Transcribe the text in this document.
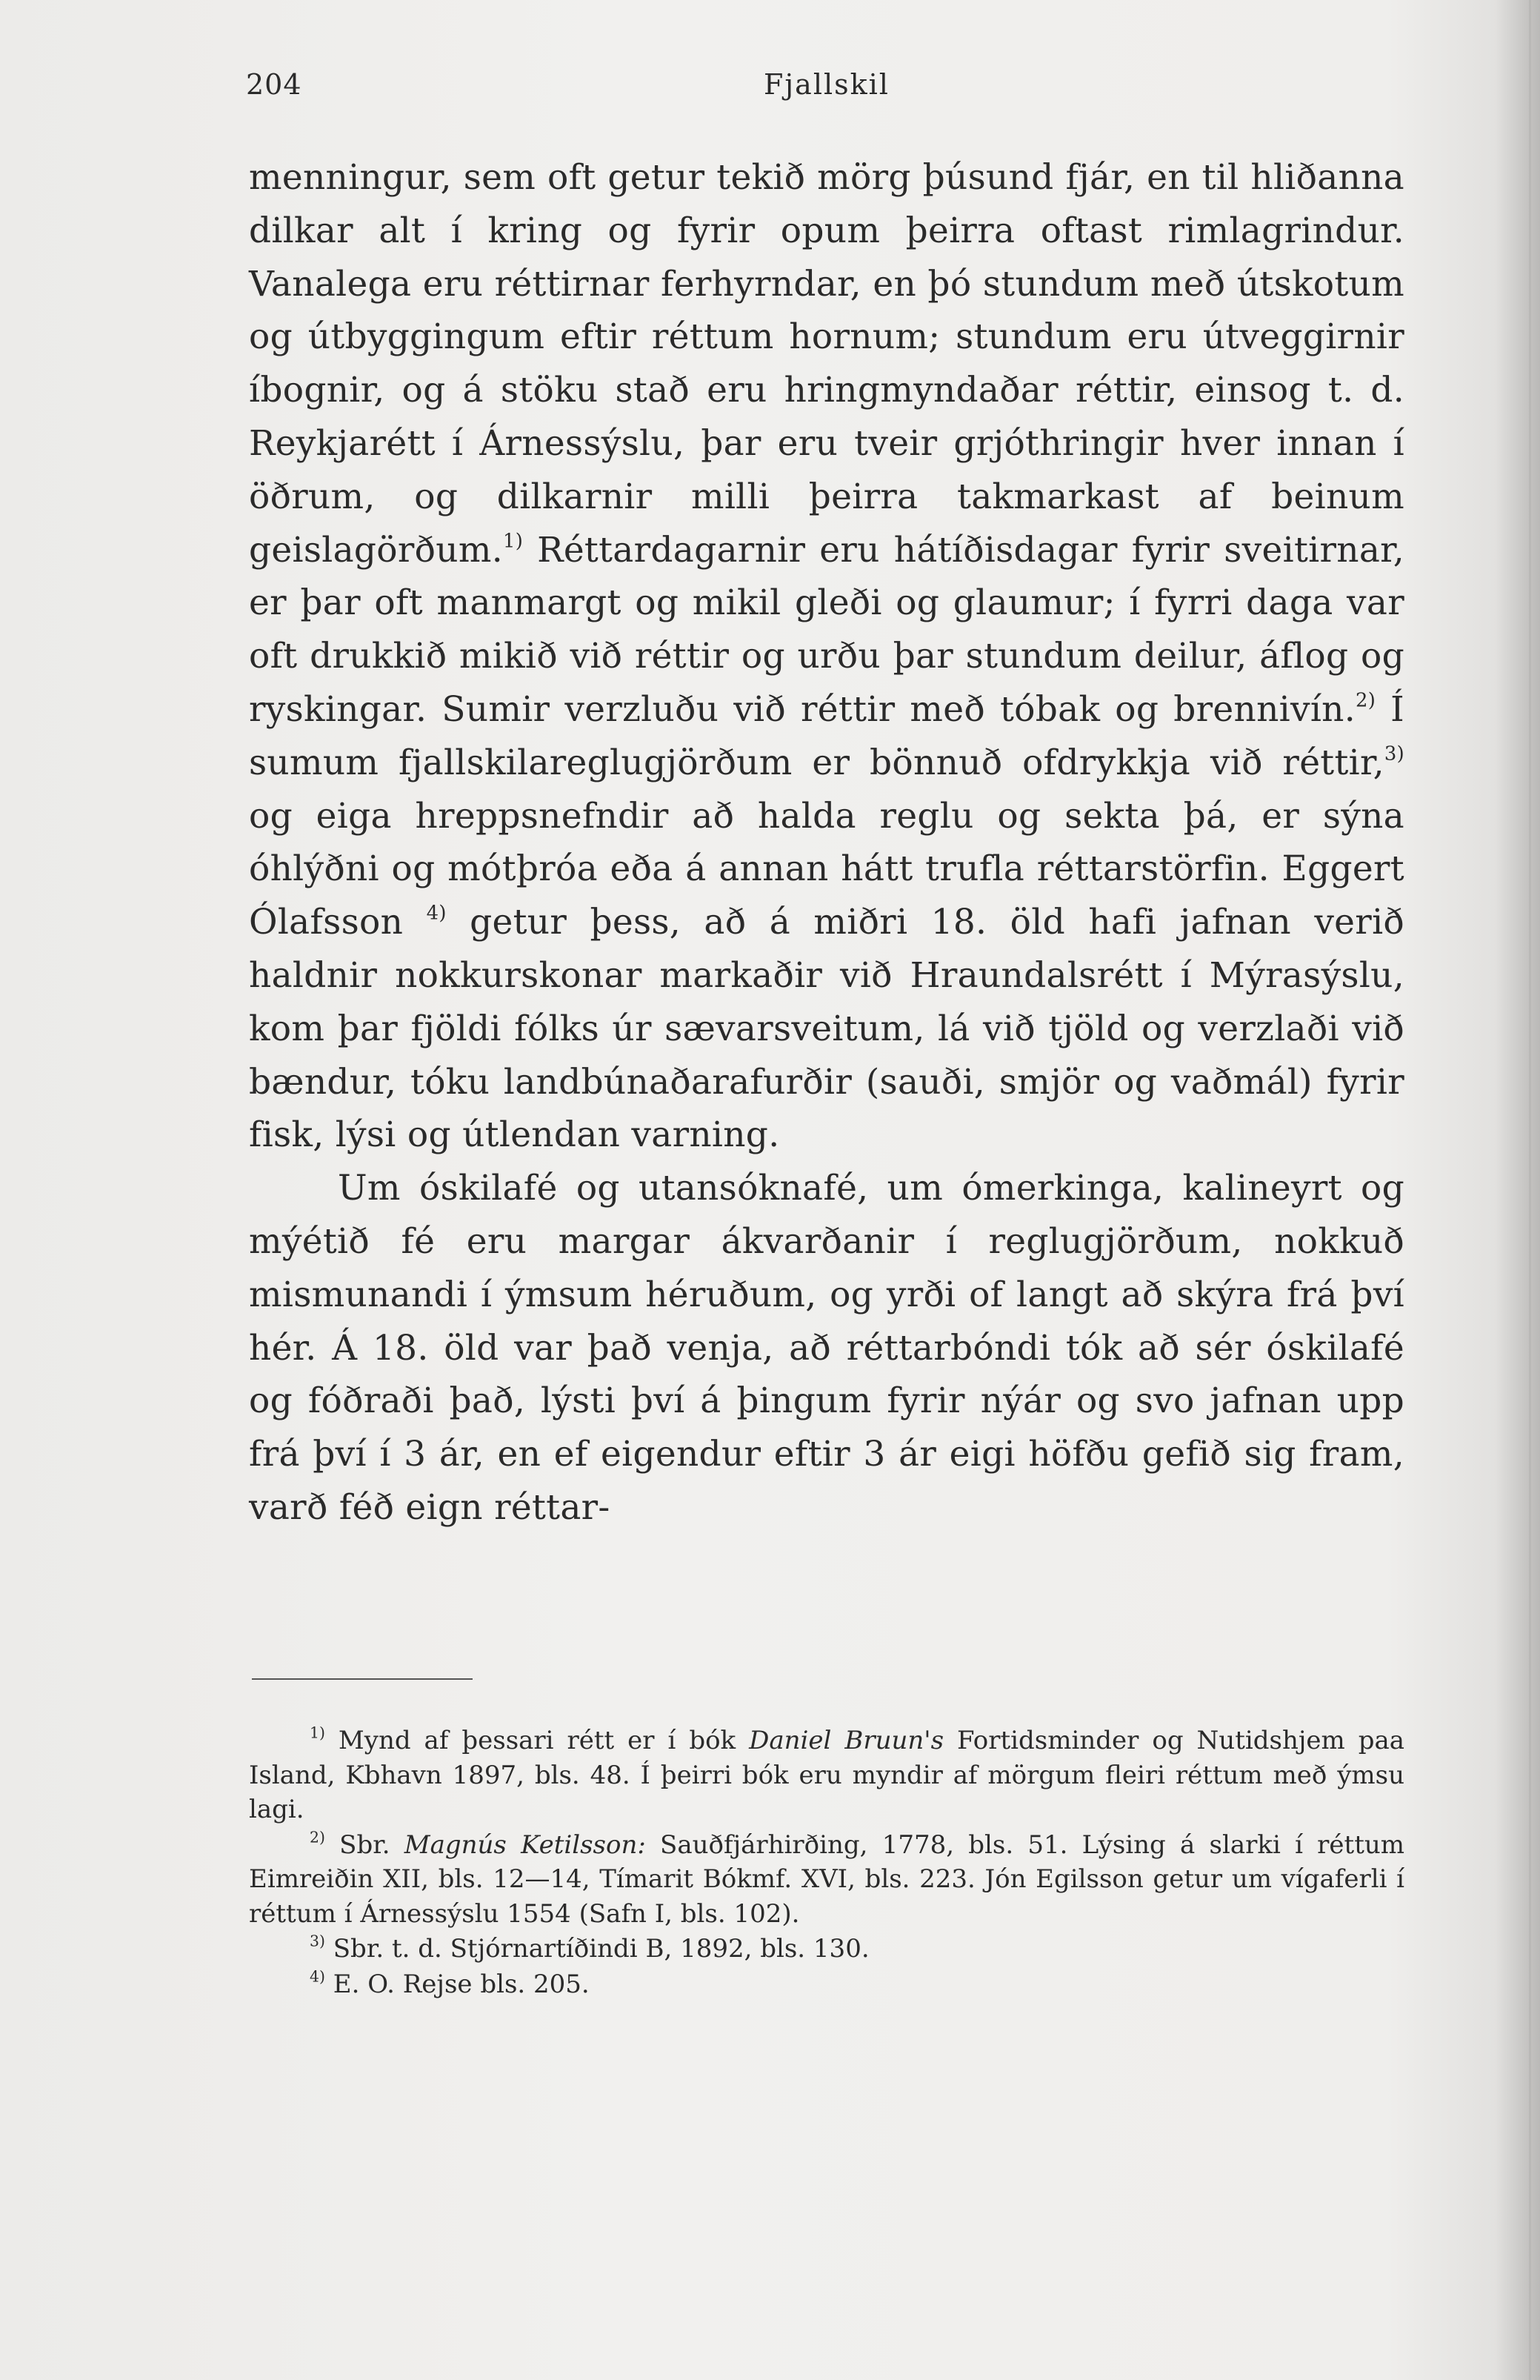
204	Fjallskil

menningur, sem oft getur tekið mörg þúsund fjár, en til hliðanna dilkar alt í kring og fyrir opum þeirra oftast rimlagrindur. Vanalega eru réttirnar ferhyrndar, en þó stundum með útskotum og útbyggingum eftir réttum hornum; stundum eru útveggirnir íbognir, og á stöku stað eru hringmyndaðar réttir, einsog t. d. Reykjarétt í Árnessýslu, þar eru tveir grjóthringir hver innan í öðrum, og dilkarnir milli þeirra takmarkast af beinum geislagörðum.$^{1)}$ Réttardagarnir eru hátíðisdagar fyrir sveitirnar, er þar oft manmargt og mikil gleði og glaumur; í fyrri daga var oft drukkið mikið við réttir og urðu þar stundum deilur, áflog og ryskingar. Sumir verzluðu við réttir með tóbak og brennivín.$^{2)}$ Í sumum fjallskilareglugjörðum er bönnuð ofdrykkja við réttir,$^{3)}$ og eiga hreppsnefndir að halda reglu og sekta þá, er sýna óhlýðni og mótþróa eða á annan hátt trufla réttarstörfin. Eggert Ólafsson $^{4)}$ getur þess, að á miðri 18. öld hafi jafnan verið haldnir nokkurskonar markaðir við Hraundalsrétt í Mýrasýslu, kom þar fjöldi fólks úr sævarsveitum, lá við tjöld og verzlaði við bændur, tóku landbúnaðarafurðir (sauði, smjör og vaðmál) fyrir fisk, lýsi og útlendan varning.

Um óskilafé og utansóknafé, um ómerkinga, kalineyrt og mýétið fé eru margar ákvarðanir í reglugjörðum, nokkuð mismunandi í ýmsum héruðum, og yrði of langt að skýra frá því hér. Á 18. öld var það venja, að réttarbóndi tók að sér óskilafé og fóðraði það, lýsti því á þingum fyrir nýár og svo jafnan upp frá því í 3 ár, en ef eigendur eftir 3 ár eigi höfðu gefið sig fram, varð féð eign réttar-

$^{1)}$ Mynd af þessari rétt er í bók Daniel Bruun's Fortidsminder og Nutidshjem paa Island, Kbhavn 1897, bls. 48. Í þeirri bók eru myndir af mörgum fleiri réttum með ýmsu lagi.

$^{2)}$ Sbr. Magnús Ketilsson: Sauðfjárhirðing, 1778, bls. 51. Lýsing á slarki í réttum Eimreiðin XII, bls. 12—14, Tímarit Bókmf. XVI, bls. 223. Jón Egilsson getur um vígaferli í réttum í Árnessýslu 1554 (Safn I, bls. 102).

$^{3)}$ Sbr. t. d. Stjórnartíðindi B, 1892, bls. 130.

$^{4)}$ E. O. Rejse bls. 205.
